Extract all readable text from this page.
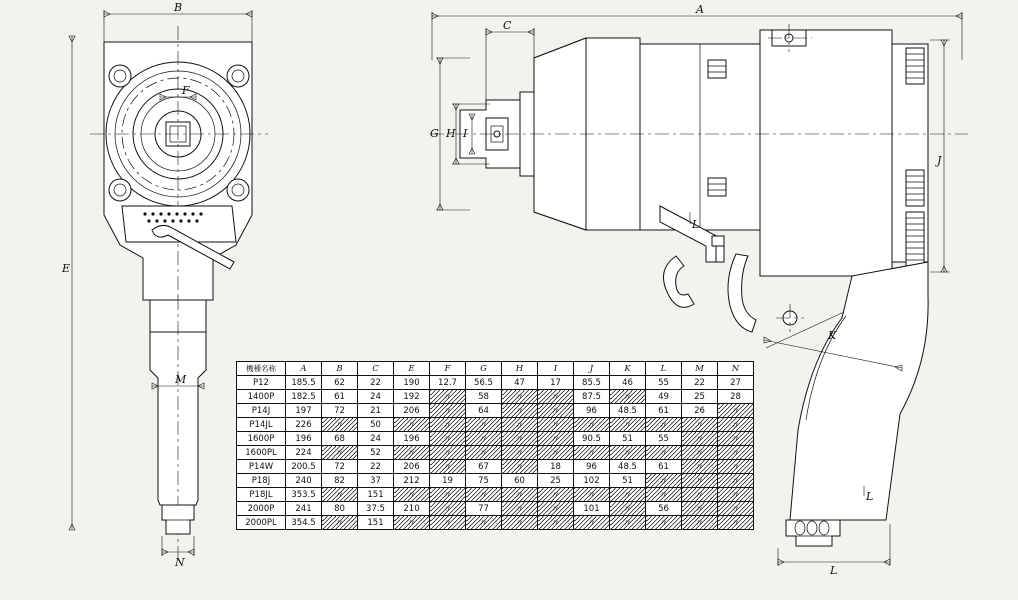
B
E
F
M
N
A
C
G H I
J
L
K
L
L
機種名称	A	B	C	E	F	G	H	I	J	K	L	M	N
P12	185.5	62	22	190	12.7	56.5	47	17	85.5	46	55	22	27
1400P	182.5	61	24	192	〃	58	〃	〃	87.5	〃	49	25	28
P14J	197	72	21	206	〃	64	〃	〃	96	48.5	61	26	〃
P14JL	226	〃	50	〃	〃	〃	〃	〃	〃	〃	〃	〃	〃
1600P	196	68	24	196	〃	〃	〃	〃	90.5	51	55	〃	〃
1600PL	224	〃	52	〃	〃	〃	〃	〃	〃	〃	〃	〃	〃
P14W	200.5	72	22	206	〃	67	〃	18	96	48.5	61	〃	〃
P18J	240	82	37	212	19	75	60	25	102	51	〃	〃	〃
P18JL	353.5	〃	151	〃	〃	〃	〃	〃	〃	〃	〃	〃	〃
2000P	241	80	37.5	210	〃	77	〃	〃	101	〃	56	〃	〃
2000PL	354.5	〃	151	〃	〃	〃	〃	〃	〃	〃	〃	〃	〃
